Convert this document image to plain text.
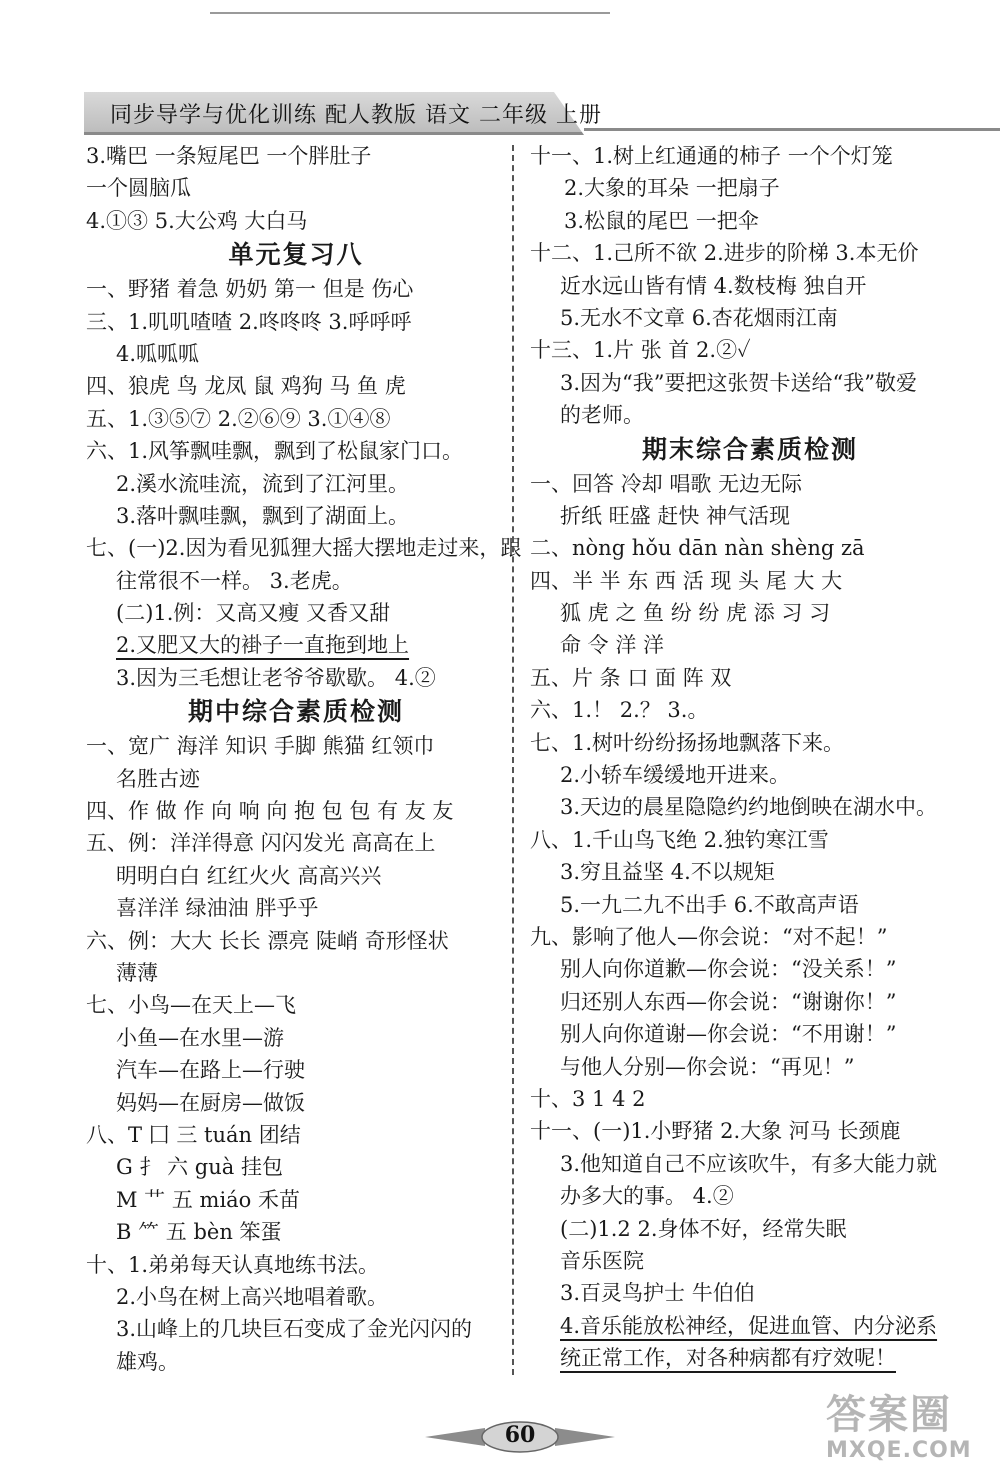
同步导学与优化训练 配人教版 语文 二年级 上册
3.嘴巴 一条短尾巴 一个胖肚子
一个圆脑瓜
4.①③ 5.大公鸡 大白马
单元复习八
一、野猪 着急 奶奶 第一 但是 伤心
三、1.叽叽喳喳 2.咚咚咚 3.呼呼呼
4.呱呱呱
四、狼虎 鸟 龙凤 鼠 鸡狗 马 鱼 虎
五、1.③⑤⑦ 2.②⑥⑨ 3.①④⑧
六、1.风筝飘哇飘，飘到了松鼠家门口。
2.溪水流哇流，流到了江河里。
3.落叶飘哇飘，飘到了湖面上。
七、(一)2.因为看见狐狸大摇大摆地走过来，跟
往常很不一样。 3.老虎。
(二)1.例：又高又瘦 又香又甜
2.又肥又大的褂子一直拖到地上
3.因为三毛想让老爷爷歇歇。 4.②
期中综合素质检测
一、宽广 海洋 知识 手脚 熊猫 红领巾
名胜古迹
四、作 做 作 向 响 向 抱 包 包 有 友 友
五、例：洋洋得意 闪闪发光 高高在上
明明白白 红红火火 高高兴兴
喜洋洋 绿油油 胖乎乎
六、例：大大 长长 漂亮 陡峭 奇形怪状
薄薄
七、小鸟—在天上—飞
小鱼—在水里—游
汽车—在路上—行驶
妈妈—在厨房—做饭
八、T 囗 三 tuán 团结
G 扌 六 guà 挂包
M 艹 五 miáo 禾苗
B ⺮ 五 bèn 笨蛋
十、1.弟弟每天认真地练书法。
2.小鸟在树上高兴地唱着歌。
3.山峰上的几块巨石变成了金光闪闪的
雄鸡。
十一、1.树上红通通的柿子 一个个灯笼
2.大象的耳朵 一把扇子
3.松鼠的尾巴 一把伞
十二、1.己所不欲 2.进步的阶梯 3.本无价
近水远山皆有情 4.数枝梅 独自开
5.无水不文章 6.杏花烟雨江南
十三、1.片 张 首 2.②✓
3.因为“我”要把这张贺卡送给“我”敬爱
的老师。
期末综合素质检测
一、回答 冷却 唱歌 无边无际
折纸 旺盛 赶快 神气活现
二、nòng hǒu dān nàn shèng zā
四、半 半 东 西 活 现 头 尾 大 大
狐 虎 之 鱼 纷 纷 虎 添 习 习
命 令 洋 洋
五、片 条 口 面 阵 双
六、1.！ 2.？ 3.。
七、1.树叶纷纷扬扬地飘落下来。
2.小轿车缓缓地开进来。
3.天边的晨星隐隐约约地倒映在湖水中。
八、1.千山鸟飞绝 2.独钓寒江雪
3.穷且益坚 4.不以规矩
5.一九二九不出手 6.不敢高声语
九、影响了他人—你会说：“对不起！”
别人向你道歉—你会说：“没关系！”
归还别人东西—你会说：“谢谢你！”
别人向你道谢—你会说：“不用谢！”
与他人分别—你会说：“再见！”
十、3 1 4 2
十一、(一)1.小野猪 2.大象 河马 长颈鹿
3.他知道自己不应该吹牛，有多大能力就
办多大的事。 4.②
(二)1.2 2.身体不好，经常失眠
音乐医院
3.百灵鸟护士 牛伯伯
4.音乐能放松神经，促进血管、内分泌系
统正常工作，对各种病都有疗效呢！
60	答案圈
MXQE.COM
